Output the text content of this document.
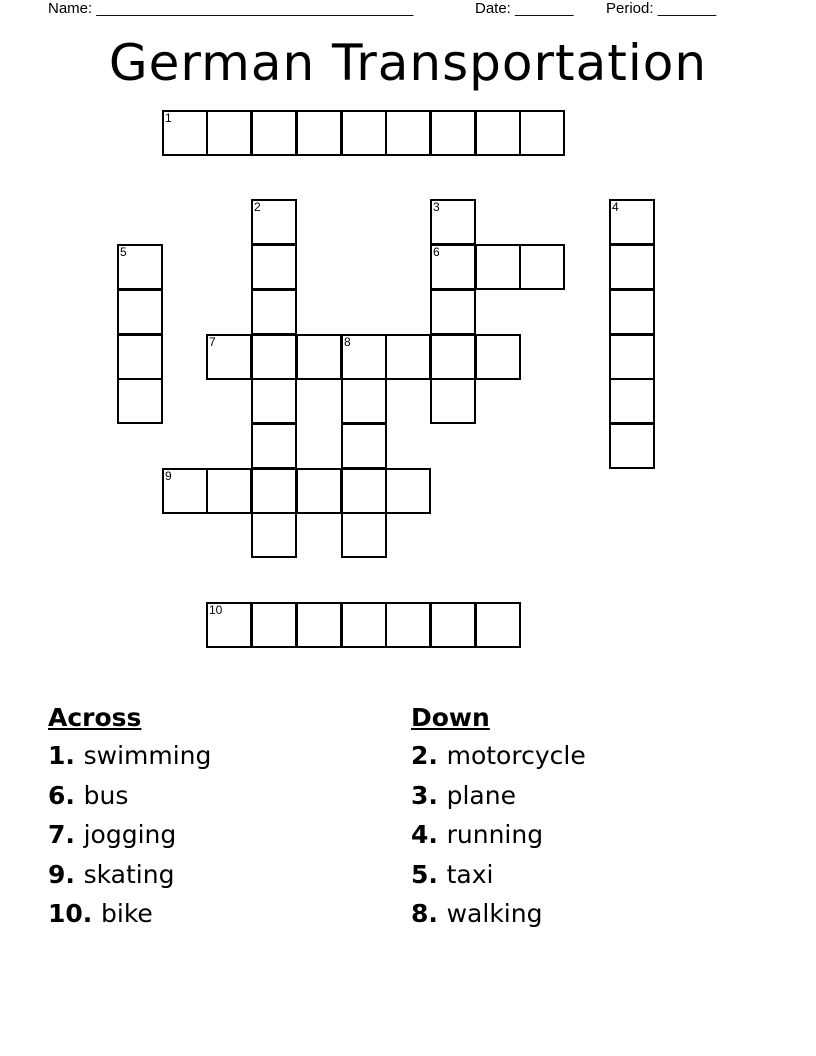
Name: ______________________________________	Date: _______ Period: _______
German Transportation
1
2	3
6
4
5
7	8
9
10
Across
1. swimming
6. bus
7. jogging
9. skating
10. bike
Down
2. motorcycle
3. plane
4. running
5. taxi
8. walking
